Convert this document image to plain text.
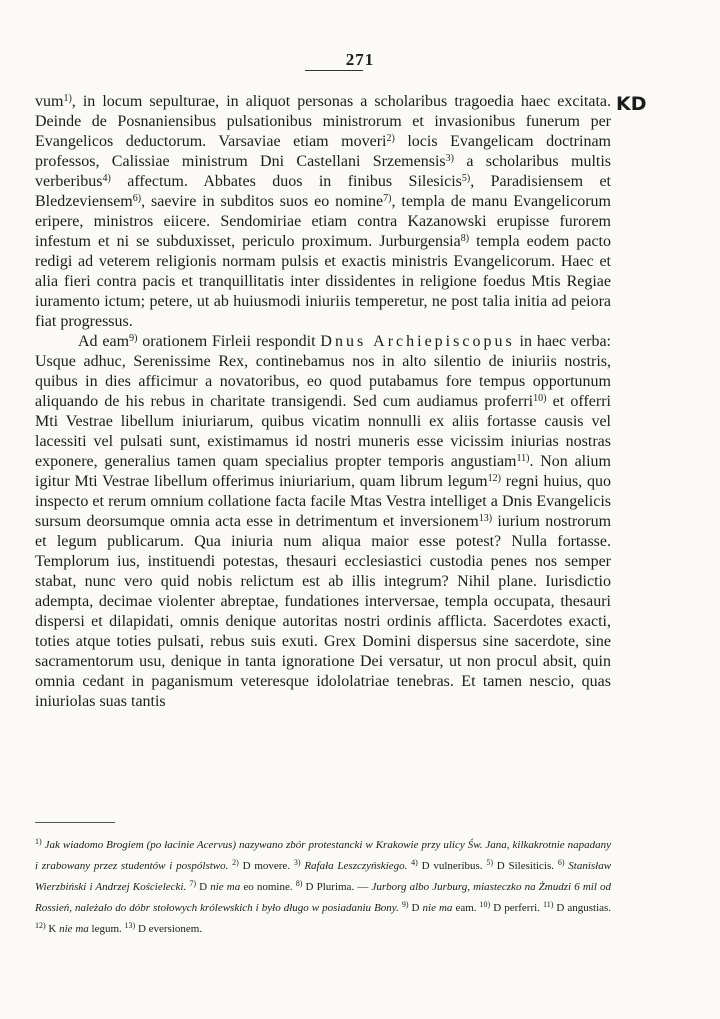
271
KD

vum$^{1)}$, in locum sepulturae, in aliquot personas a scholaribus tragoedia haec excitata. Deinde de Posnaniensibus pulsationibus ministrorum et invasionibus funerum per Evangelicos deductorum. Varsaviae etiam moveri$^{2)}$ locis Evangelicam doctrinam professos, Calissiae ministrum Dni Castellani Srzemensis$^{3)}$ a scholaribus multis verberibus$^{4)}$ affectum. Abbates duos in finibus Silesicis$^{5)}$, Paradisiensem et Bledzeviensem$^{6)}$, saevire in subditos suos eo nomine$^{7)}$, templa de manu Evangelicorum eripere, ministros eiicere. Sendomiriae etiam contra Kazanowski erupisse furorem infestum et ni se subduxisset, periculo proximum. Jurburgensia$^{8)}$ templa eodem pacto redigi ad veterem religionis normam pulsis et exactis ministris Evangelicorum. Haec et alia fieri contra pacis et tranquillitatis inter dissidentes in religione foedus Mtis Regiae iuramento ictum; petere, ut ab huiusmodi iniuriis temperetur, ne post talia initia ad peiora fiat progressus.

Ad eam$^{9)}$ orationem Firleii respondit Dnus Archiepiscopus in haec verba: Usque adhuc, Serenissime Rex, continebamus nos in alto silentio de iniuriis nostris, quibus in dies afficimur a novatoribus, eo quod putabamus fore tempus opportunum aliquando de his rebus in charitate transigendi. Sed cum audiamus proferri$^{10)}$ et offerri Mti Vestrae libellum iniuriarum, quibus vicatim nonnulli ex aliis fortasse causis vel lacessiti vel pulsati sunt, existimamus id nostri muneris esse vicissim iniurias nostras exponere, generalius tamen quam specialius propter temporis angustiam$^{11)}$. Non alium igitur Mti Vestrae libellum offerimus iniuriarium, quam librum legum$^{12)}$ regni huius, quo inspecto et rerum omnium collatione facta facile Mtas Vestra intelliget a Dnis Evangelicis sursum deorsumque omnia acta esse in detrimentum et inversionem$^{13)}$ iurium nostrorum et legum publicarum. Qua iniuria num aliqua maior esse potest? Nulla fortasse. Templorum ius, instituendi potestas, thesauri ecclesiastici custodia penes nos semper stabat, nunc vero quid nobis relictum est ab illis integrum? Nihil plane. Iurisdictio adempta, decimae violenter abreptae, fundationes interversae, templa occupata, thesauri dispersi et dilapidati, omnis denique autoritas nostri ordinis afflicta. Sacerdotes exacti, toties atque toties pulsati, rebus suis exuti. Grex Domini dispersus sine sacerdote, sine sacramentorum usu, denique in tanta ignoratione Dei versatur, ut non procul absit, quin omnia cedant in paganismum veteresque idololatriae tenebras. Et tamen nescio, quas iniuriolas suas tantis

$^{1)}$ Jak wiadomo Brogiem (po łacinie Acervus) nazywano zbór protestancki w Krakowie przy ulicy Św. Jana, kilkakrotnie napadany i zrabowany przez studentów i pospólstwo. $^{2)}$ D movere. $^{3)}$ Rafała Leszczyńskiego. $^{4)}$ D vulneribus. $^{5)}$ D Silesiticis. $^{6)}$ Stanisław Wierzbiński i Andrzej Kościelecki. $^{7)}$ D nie ma eo nomine. $^{8)}$ D Plurima. — Jurborg albo Jurburg, miasteczko na Żmudzi 6 mil od Rossień, należało do dóbr stołowych królewskich i było długo w posiadaniu Bony. $^{9)}$ D nie ma eam. $^{10)}$ D perferri. $^{11)}$ D angustias. $^{12)}$ K nie ma legum. $^{13)}$ D eversionem.
